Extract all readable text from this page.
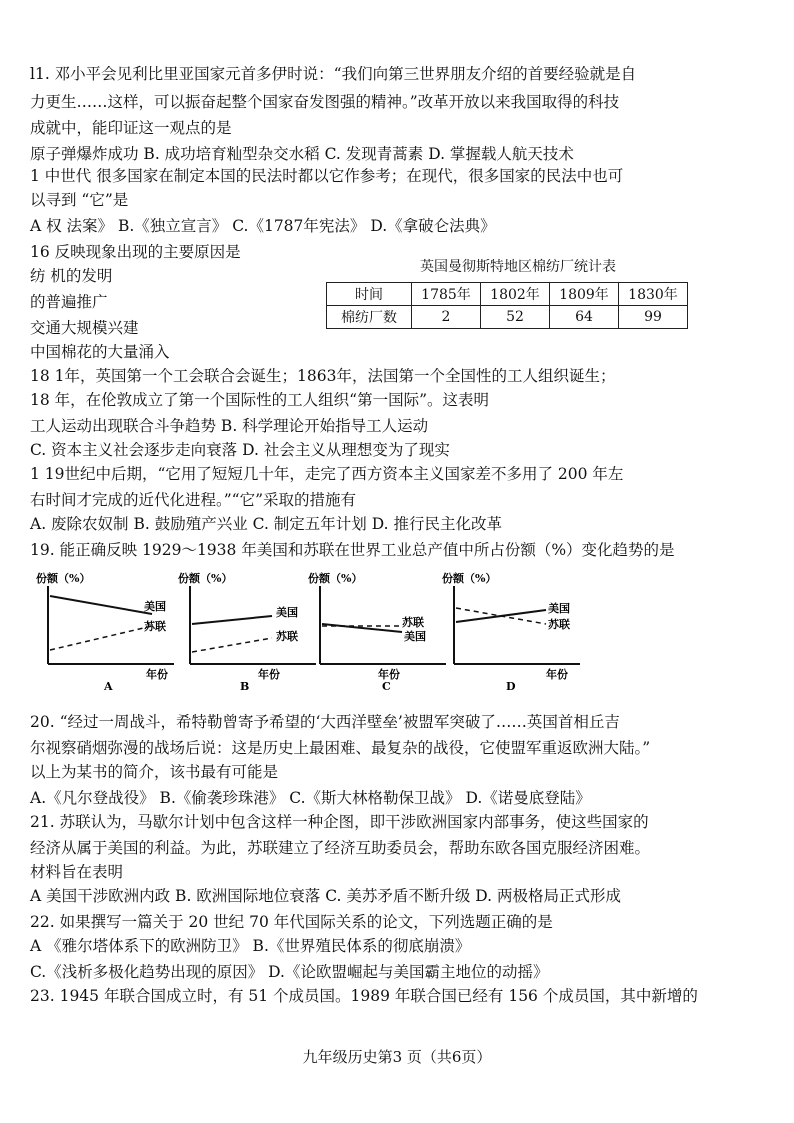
l1. 邓小平会见利比里亚国家元首多伊时说：“我们向第三世界朋友介绍的首要经验就是自
力更生……这样，可以振奋起整个国家奋发图强的精神。”改革开放以来我国取得的科技
成就中，能印证这一观点的是
原子弹爆炸成功 B. 成功培育籼型杂交水稻 C. 发现青蒿素 D. 掌握载人航天技术
1 中世代 很多国家在制定本国的民法时都以它作参考；在现代，很多国家的民法中也可
以寻到 “它”是
A 权 法案》 B.《独立宣言》 C.《1787年宪法》 D.《拿破仑法典》
16 反映现象出现的主要原因是
纺 机的发明
的普遍推广
交通大规模兴建
中国棉花的大量涌入
18 1年，英国第一个工会联合会诞生；1863年，法国第一个全国性的工人组织诞生；
18 年，在伦敦成立了第一个国际性的工人组织“第一国际”。这表明
工人运动出现联合斗争趋势 B. 科学理论开始指导工人运动
C. 资本主义社会逐步走向衰落 D. 社会主义从理想变为了现实
1 19世纪中后期，“它用了短短几十年，走完了西方资本主义国家差不多用了 200 年左
右时间才完成的近代化进程。”“它”采取的措施有
A. 废除农奴制 B. 鼓励殖产兴业 C. 制定五年计划 D. 推行民主化改革
19. 能正确反映 1929～1938 年美国和苏联在世界工业总产值中所占份额（%）变化趋势的是
英国曼彻斯特地区棉纺厂统计表
时间	1785年	1802年	1809年	1830年
棉纺厂数	2	52	64	99
份额（%）
美国
苏联
年份
A
份额（%）
美国
苏联
年份
B
份额（%）
苏联
美国
年份
C
份额（%）
美国
苏联
年份
D
20. “经过一周战斗，希特勒曾寄予希望的‘大西洋壁垒’被盟军突破了……英国首相丘吉
尔视察硝烟弥漫的战场后说：这是历史上最困难、最复杂的战役，它使盟军重返欧洲大陆。”
以上为某书的简介，该书最有可能是
A.《凡尔登战役》 B.《偷袭珍珠港》 C.《斯大林格勒保卫战》 D.《诺曼底登陆》
21. 苏联认为，马歇尔计划中包含这样一种企图，即干涉欧洲国家内部事务，使这些国家的
经济从属于美国的利益。为此，苏联建立了经济互助委员会，帮助东欧各国克服经济困难。
材料旨在表明
A 美国干涉欧洲内政 B. 欧洲国际地位衰落 C. 美苏矛盾不断升级 D. 两极格局正式形成
22. 如果撰写一篇关于 20 世纪 70 年代国际关系的论文，下列选题正确的是
A 《雅尔塔体系下的欧洲防卫》 B.《世界殖民体系的彻底崩溃》
C.《浅析多极化趋势出现的原因》 D.《论欧盟崛起与美国霸主地位的动摇》
23. 1945 年联合国成立时，有 51 个成员国。1989 年联合国已经有 156 个成员国，其中新增的
九年级历史第3 页（共6页）
